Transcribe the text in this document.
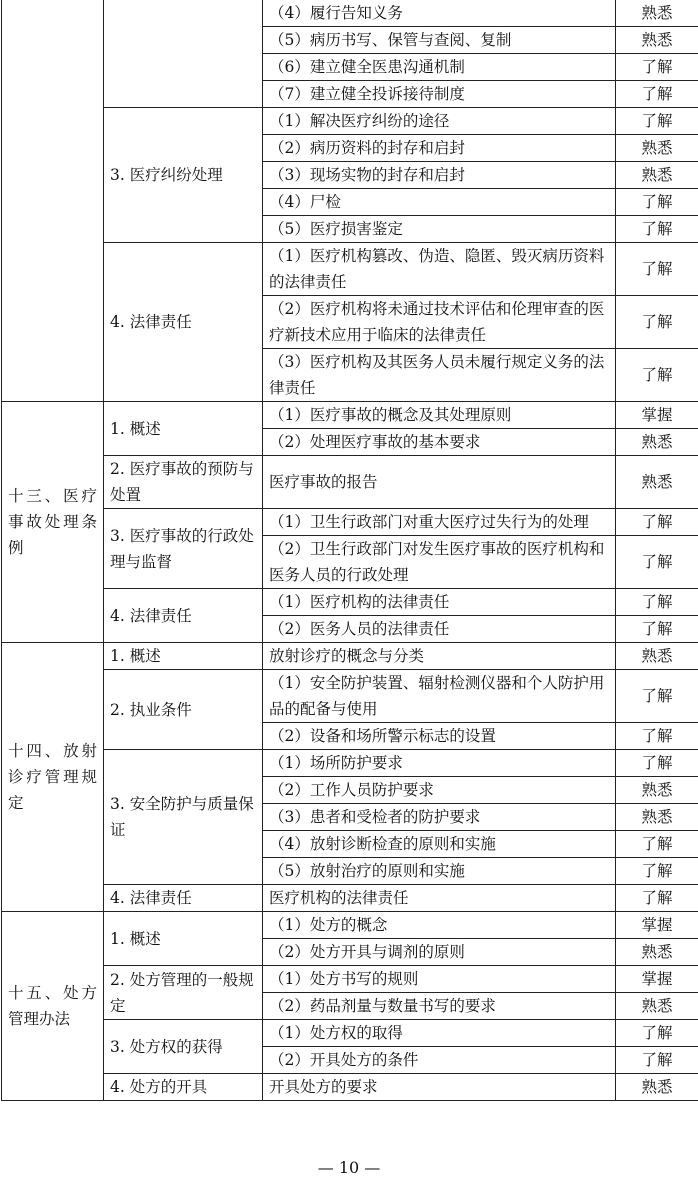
		（4）履行告知义务	熟悉
		（5）病历书写、保管与查阅、复制	熟悉
		（6）建立健全医患沟通机制	了解
		（7）建立健全投诉接待制度	了解
	3. 医疗纠纷处理	（1）解决医疗纠纷的途径	了解
		（2）病历资料的封存和启封	熟悉
		（3）现场实物的封存和启封	熟悉
		（4）尸检	了解
		（5）医疗损害鉴定	了解
	4. 法律责任	（1）医疗机构篡改、伪造、隐匿、毁灭病历资料的法律责任	了解
		（2）医疗机构将未通过技术评估和伦理审查的医疗新技术应用于临床的法律责任	了解
		（3）医疗机构及其医务人员未履行规定义务的法律责任	了解
十三、医疗事故处理条例	1. 概述	（1）医疗事故的概念及其处理原则	掌握
		（2）处理医疗事故的基本要求	熟悉
	2. 医疗事故的预防与处置	医疗事故的报告	熟悉
	3. 医疗事故的行政处理与监督	（1）卫生行政部门对重大医疗过失行为的处理	了解
		（2）卫生行政部门对发生医疗事故的医疗机构和医务人员的行政处理	了解
	4. 法律责任	（1）医疗机构的法律责任	了解
		（2）医务人员的法律责任	了解
十四、放射诊疗管理规定	1. 概述	放射诊疗的概念与分类	熟悉
	2. 执业条件	（1）安全防护装置、辐射检测仪器和个人防护用品的配备与使用	了解
		（2）设备和场所警示标志的设置	了解
	3. 安全防护与质量保证	（1）场所防护要求	了解
		（2）工作人员防护要求	熟悉
		（3）患者和受检者的防护要求	熟悉
		（4）放射诊断检查的原则和实施	了解
		（5）放射治疗的原则和实施	了解
	4. 法律责任	医疗机构的法律责任	了解
十五、处方管理办法	1. 概述	（1）处方的概念	掌握
		（2）处方开具与调剂的原则	熟悉
	2. 处方管理的一般规定	（1）处方书写的规则	掌握
		（2）药品剂量与数量书写的要求	熟悉
	3. 处方权的获得	（1）处方权的取得	了解
		（2）开具处方的条件	了解
	4. 处方的开具	开具处方的要求	熟悉
— 10 —
